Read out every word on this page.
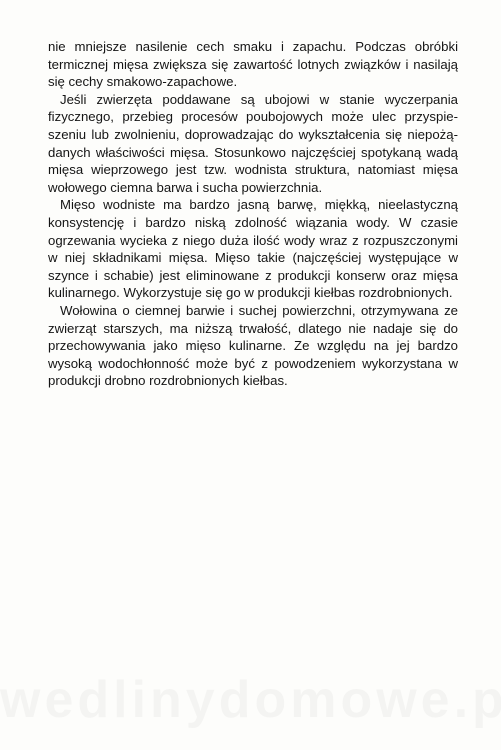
nie mniejsze nasilenie cech smaku i zapachu. Podczas obróbki termicznej mięsa zwiększa się zawartość lotnych związków i nasilają się cechy smakowo-zapachowe.

Jeśli zwierzęta poddawane są ubojowi w stanie wyczerpania fizycznego, przebieg procesów poubojowych może ulec przyspieszeniu lub zwolnieniu, doprowadzając do wykształcenia się niepożądanych właściwości mięsa. Stosunkowo najczęściej spotykaną wadą mięsa wieprzowego jest tzw. wodnista struktura, natomiast mięsa wołowego ciemna barwa i sucha powierzchnia.

Mięso wodniste ma bardzo jasną barwę, miękką, nieelastyczną konsystencję i bardzo niską zdolność wiązania wody. W czasie ogrzewania wycieka z niego duża ilość wody wraz z rozpuszczonymi w niej składnikami mięsa. Mięso takie (najczęściej występujące w szynce i schabie) jest eliminowane z produkcji konserw oraz mięsa kulinarnego. Wykorzystuje się go w produkcji kiełbas rozdrobnionych.

Wołowina o ciemnej barwie i suchej powierzchni, otrzymywana ze zwierząt starszych, ma niższą trwałość, dlatego nie nadaje się do przechowywania jako mięso kulinarne. Ze względu na jej bardzo wysoką wodochłonność może być z powodzeniem wykorzystana w produkcji drobno rozdrobnionych kiełbas.
